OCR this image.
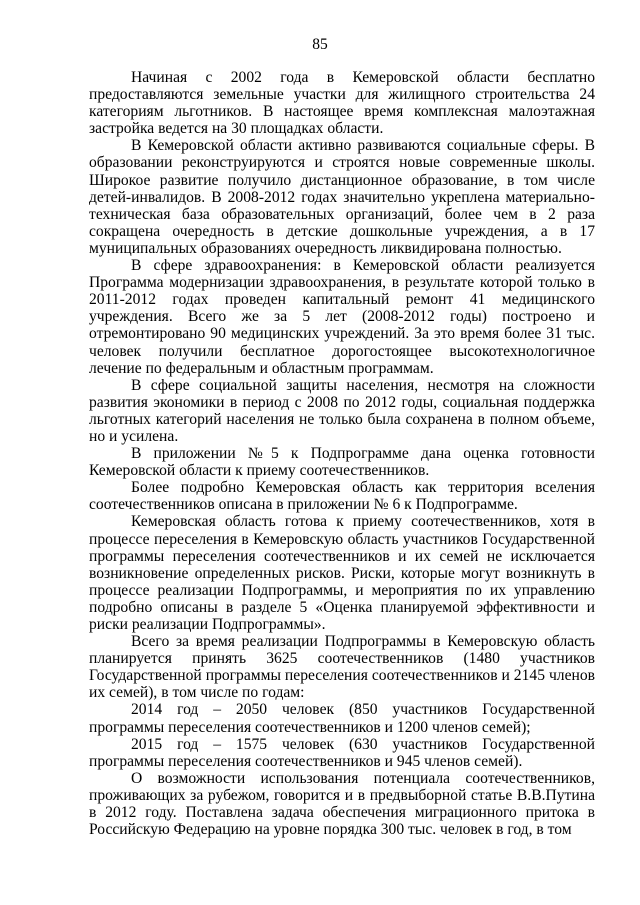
85

Начиная с 2002 года в Кемеровской области бесплатно предоставляются земельные участки для жилищного строительства 24 категориям льготников. В настоящее время комплексная малоэтажная застройка ведется на 30 площадках области.

В Кемеровской области активно развиваются социальные сферы. В образовании реконструируются и строятся новые современные школы. Широкое развитие получило дистанционное образование, в том числе детей-инвалидов. В 2008-2012 годах значительно укреплена материально-техническая база образовательных организаций, более чем в 2 раза сокращена очередность в детские дошкольные учреждения, а в 17 муниципальных образованиях очередность ликвидирована полностью.

В сфере здравоохранения: в Кемеровской области реализуется Программа модернизации здравоохранения, в результате которой только в 2011-2012 годах проведен капитальный ремонт 41 медицинского учреждения. Всего же за 5 лет (2008-2012 годы) построено и отремонтировано 90 медицинских учреждений. За это время более 31 тыс. человек получили бесплатное дорогостоящее высокотехнологичное лечение по федеральным и областным программам.

В сфере социальной защиты населения, несмотря на сложности развития экономики в период с 2008 по 2012 годы, социальная поддержка льготных категорий населения не только была сохранена в полном объеме, но и усилена.

В приложении №5 к Подпрограмме дана оценка готовности Кемеровской области к приему соотечественников.

Более подробно Кемеровская область как территория вселения соотечественников описана в приложении № 6 к Подпрограмме.

Кемеровская область готова к приему соотечественников, хотя в процессе переселения в Кемеровскую область участников Государственной программы переселения соотечественников и их семей не исключается возникновение определенных рисков. Риски, которые могут возникнуть в процессе реализации Подпрограммы, и мероприятия по их управлению подробно описаны в разделе 5 «Оценка планируемой эффективности и риски реализации Подпрограммы».

Всего за время реализации Подпрограммы в Кемеровскую область планируется принять 3625 соотечественников (1480 участников Государственной программы переселения соотечественников и 2145 членов их семей), в том числе по годам:

2014 год – 2050 человек (850 участников Государственной программы переселения соотечественников и 1200 членов семей);

2015 год – 1575 человек (630 участников Государственной программы переселения соотечественников и 945 членов семей).

О возможности использования потенциала соотечественников, проживающих за рубежом, говорится и в предвыборной статье В.В.Путина в 2012 году. Поставлена задача обеспечения миграционного притока в Российскую Федерацию на уровне порядка 300 тыс. человек в год, в том
